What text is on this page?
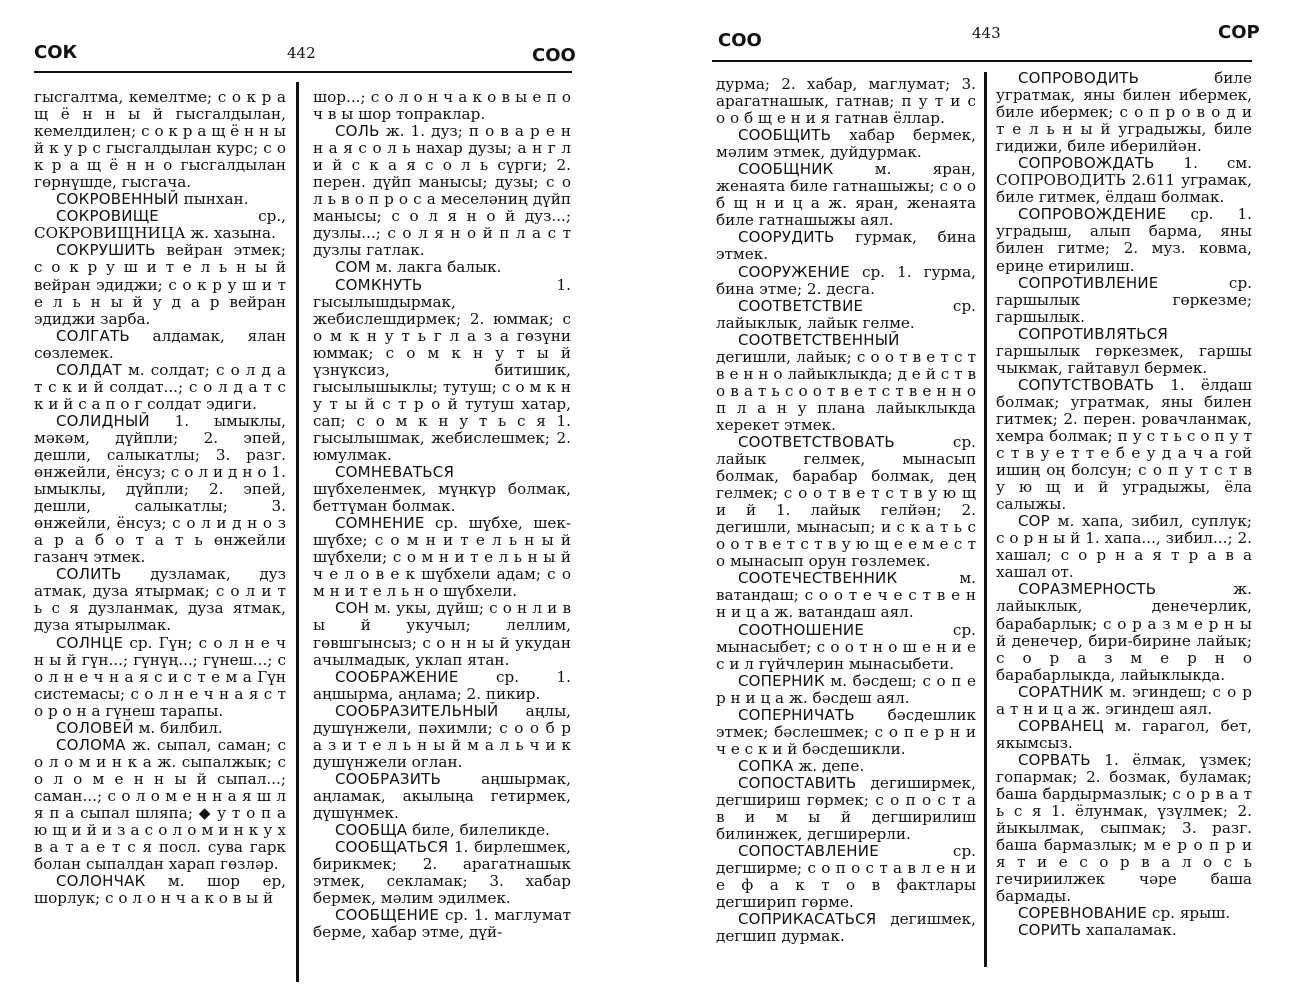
СОК	442	СОО

гысгалтма, кемелтме; с о к р а щ ё н н ы й гысгалдылан, кемелдилен; с о к р а щ ё н н ы й к у р с гысгалдылан курс; с о к р а щ ё н н о гысгалдылан гөрнүшде, гысгача.

СОКРОВЕННЫЙ пынхан.

СОКРОВИЩЕ ср., СОКРОВИЩНИЦА ж. хазына.

СОКРУШИТЬ вейран этмек; с о к р у ш и т е л ь н ы й вейран эдиджи; с о к р у ш и т е л ь н ы й у д а р вейран эдиджи зарба.

СОЛГАТЬ алдамак, ялан сөзлемек.

СОЛДАТ м. солдат; с о л д а т с к и й солдат...; с о л д а т с к и й с а п о г солдат эдиги.

СОЛИДНЫЙ 1. ымыклы, мәкәм, дүйпли; 2. эпей, дешли, салыкатлы; 3. разг. өнжейли, ёнсуз; с о л и д н о 1. ымыклы, дүйпли; 2. эпей, дешли, салыкатлы; 3. өнжейли, ёнсуз; с о л и д н о з а р а б о т а т ь өнжейли газанч этмек.

СОЛИТЬ дузламак, дуз атмак, дуза ятырмак; с о л и т ь с я дузланмак, дуза ятмак, дуза ятырылмак.

СОЛНЦЕ ср. Гүн; с о л н е ч н ы й гүн...; гүнүң...; гүнеш...; с о л н е ч н а я с и с т е м а Гүн системасы; с о л н е ч н а я с т о р о н а гүнеш тарапы.

СОЛОВЕЙ м. билбил.

СОЛОМА ж. сыпал, саман; с о л о м и н к а ж. сыпалжык; с о л о м е н н ы й сыпал...; саман...; с о л о м е н н а я ш л я п а сыпал шляпа; ◆ у т о п а ю щ и й и з а с о л о м и н к у х в а т а е т с я посл. сува гарк болан сыпалдан харап гөзләр.

СОЛОНЧАК м. шор ер, шорлук; с о л о н ч а к о в ы й

шор...; с о л о н ч а к о в ы е п о ч в ы шор топраклар.

СОЛЬ ж. 1. дуз; п о в а р е н н а я с о л ь нахар дузы; а н г л и й с к а я с о л ь сүрги; 2. перен. дүйп манысы; дузы; с о л ь в о п р о с а меселәниң дүйп манысы; с о л я н о й дуз...; дузлы...; с о л я н о й п л а с т дузлы гатлак.

СОМ м. лакга балык.

СОМКНУТЬ 1. гысылышдырмак, жебислешдирмек; 2. юммак; с о м к н у т ь г л а з а гөзүни юммак; с о м к н у т ы й үзнүксиз, битишик, гысылышыклы; тутуш; с о м к н у т ы й с т р о й тутуш хатар, сап; с о м к н у т ь с я 1. гысылышмак, жебислешмек; 2. юмулмак.

СОМНЕВАТЬСЯ шүбхеленмек, мүңкүр болмак, беттүман болмак.

СОМНЕНИЕ ср. шүбхе, шек-шүбхе; с о м н и т е л ь н ы й шүбхели; с о м н и т е л ь н ы й ч е л о в е к шүбхели адам; с о м н и т е л ь н о шүбхели.

СОН м. укы, дүйш; с о н л и в ы й укучыл; леллим, гөвшгынсыз; с о н н ы й укудан ачылмадык, уклап ятан.

СООБРАЖЕНИЕ ср. 1. аңшырма, аңлама; 2. пикир.

СООБРАЗИТЕЛЬНЫЙ аңлы, душүнжели, пәхимли; с о о б р а з и т е л ь н ы й м а л ь ч и к душүнжели оглан.

СООБРАЗИТЬ аңшырмак, аңламак, акылыңа гетирмек, дүшүнмек.

СООБЩА биле, билеликде.

СООБЩАТЬСЯ 1. бирлешмек, бирикмек; 2. арагатнашык этмек, секламак; 3. хабар бермек, мәлим эдилмек.

СООБЩЕНИЕ ср. 1. маглумат берме, хабар этме, дүй-

СОО	443	СОР

дурма; 2. хабар, маглумат; 3. арагатнашык, гатнав; п у т и с о о б щ е н и я гатнав ёллар.

СООБЩИТЬ хабар бермек, мәлим этмек, дуйдурмак.

СООБЩНИК м. яран, женаята биле гатнашыжы; с о о б щ н и ц а ж. яран, женаята биле гатнашыжы аял.

СООРУДИТЬ гурмак, бина этмек.

СООРУЖЕНИЕ ср. 1. гурма, бина этме; 2. десга.

СООТВЕТСТВИЕ ср. лайыклык, лайык гелме.

СООТВЕТСТВЕННЫЙ дегишли, лайык; с о о т в е т с т в е н н о лайыклыкда; д е й с т в о в а т ь с о о т в е т с т в е н н о п л а н у плана лайыклыкда херекет этмек.

СООТВЕТСТВОВАТЬ ср. лайык гелмек, мынасып болмак, барабар болмак, дең гелмек; с о о т в е т с т в у ю щ и й 1. лайык гелйән; 2. дегишли, мынасып; и с к а т ь с о о т в е т с т в у ю щ е е м е с т о мынасып орун гөзлемек.

СООТЕЧЕСТВЕННИК м. ватандаш; с о о т е ч е с т в е н н и ц а ж. ватандаш аял.

СООТНОШЕНИЕ ср. мынасыбет; с о о т н о ш е н и е с и л гүйчлерин мынасыбети.

СОПЕРНИК м. бәсдеш; с о п е р н и ц а ж. бәсдеш аял.

СОПЕРНИЧАТЬ бәсдешлик этмек; бәслешмек; с о п е р н и ч е с к и й бәсдешикли.

СОПКА ж. депе.

СОПОСТАВИТЬ дегиширмек, дегшириш гөрмек; с о п о с т а в и м ы й дегширилиш билинжек, дегширерли.

СОПОСТАВЛЕНИЕ ср. дегширме; с о п о с т а в л е н и е ф а к т о в фактлары дегширип гөрме.

СОПРИКАСАТЬСЯ дегишмек, дегшип дурмак.

СОПРОВОДИТЬ биле угратмак, яны билен ибермек, биле ибермек; с о п р о в о д и т е л ь н ы й уградыжы, биле гидижи, биле иберилйән.

СОПРОВОЖДАТЬ 1. см. СОПРОВОДИТЬ 2.611 уграмак, биле гитмек, ёлдаш болмак.

СОПРОВОЖДЕНИЕ ср. 1. уградыш, алып барма, яны билен гитме; 2. муз. ковма, ериңе етирилиш.

СОПРОТИВЛЕНИЕ ср. гаршылык гөркезме; гаршылык.

СОПРОТИВЛЯТЬСЯ гаршылык гөркезмек, гаршы чыкмак, гайтавул бермек.

СОПУТСТВОВАТЬ 1. ёлдаш болмак; угратмак, яны билен гитмек; 2. перен. ровачланмак, хемра болмак; п у с т ь с о п у т с т в у е т т е б е у д а ч а гой ишиң оң болсун; с о п у т с т в у ю щ и й уградыжы, ёла салыжы.

СОР м. хапа, зибил, суплук; с о р н ы й 1. хапа..., зибил...; 2. хашал; с о р н а я т р а в а хашал от.

СОРАЗМЕРНОСТЬ ж. лайыклык, денечерлик, барабарлык; с о р а з м е р н ы й денечер, бири-бирине лайык; с о р а з м е р н о барабарлыкда, лайыклыкда.

СОРАТНИК м. эгиндеш; с о р а т н и ц а ж. эгиндеш аял.

СОРВАНЕЦ м. гарагол, бет, якымсыз.

СОРВАТЬ 1. ёлмак, үзмек; гопармак; 2. бозмак, буламак; баша бардырмазлык; с о р в а т ь с я 1. ёлунмак, үзүлмек; 2. йыкылмак, сыпмак; 3. разг. баша бармазлык; м е р о п р и я т и е с о р в а л о с ь гечириилжек чәре баша бармады.

СОРЕВНОВАНИЕ ср. ярыш.

СОРИТЬ хапаламак.
